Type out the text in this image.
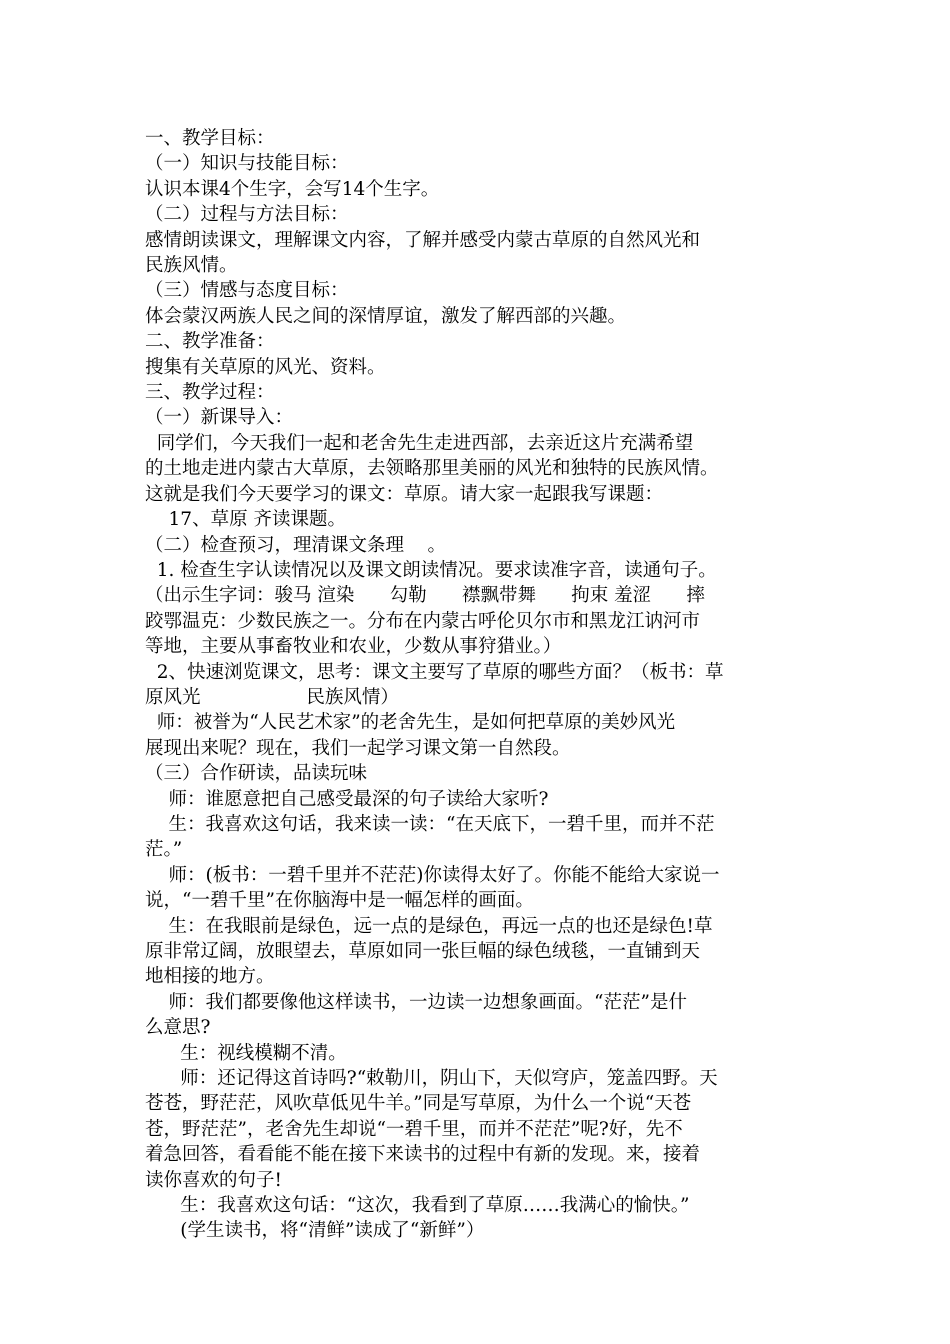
一、教学目标：

（一）知识与技能目标：

认识本课4个生字，会写14个生字。

（二）过程与方法目标：

感情朗读课文，理解课文内容，了解并感受内蒙古草原的自然风光和

民族风情。

（三）情感与态度目标：

体会蒙汉两族人民之间的深情厚谊，激发了解西部的兴趣。

二、教学准备：

搜集有关草原的风光、资料。

三、教学过程：

（一）新课导入：

同学们，今天我们一起和老舍先生走进西部，去亲近这片充满希望

的土地走进内蒙古大草原，去领略那里美丽的风光和独特的民族风情。

这就是我们今天要学习的课文：草原。请大家一起跟我写课题：

17、草原 齐读课题。

（二）检查预习，理清课文条理    。

1. 检查生字认读情况以及课文朗读情况。要求读准字音，读通句子。

（出示生字词：骏马 渲染      勾勒      襟飘带舞      拘束 羞涩      摔

跤鄂温克：少数民族之一。分布在内蒙古呼伦贝尔市和黑龙江讷河市

等地，主要从事畜牧业和农业，少数从事狩猎业。）

2、快速浏览课文，思考：课文主要写了草原的哪些方面？（板书：草

原风光                  民族风情）

师：被誉为“人民艺术家”的老舍先生，是如何把草原的美妙风光

展现出来呢？现在，我们一起学习课文第一自然段。

（三）合作研读，品读玩味

师：谁愿意把自己感受最深的句子读给大家听?

生：我喜欢这句话，我来读一读：“在天底下，一碧千里，而并不茫

茫。”

师：(板书：一碧千里并不茫茫)你读得太好了。你能不能给大家说一

说，“一碧千里”在你脑海中是一幅怎样的画面。

生：在我眼前是绿色，远一点的是绿色，再远一点的也还是绿色!草

原非常辽阔，放眼望去，草原如同一张巨幅的绿色绒毯，一直铺到天

地相接的地方。

师：我们都要像他这样读书，一边读一边想象画面。“茫茫”是什

么意思?

生：视线模糊不清。

师：还记得这首诗吗?“敕勒川，阴山下，天似穹庐，笼盖四野。天

苍苍，野茫茫，风吹草低见牛羊。”同是写草原，为什么一个说“天苍

苍，野茫茫”，老舍先生却说“一碧千里，而并不茫茫”呢?好，先不

着急回答，看看能不能在接下来读书的过程中有新的发现。来，接着

读你喜欢的句子!

生：我喜欢这句话：“这次，我看到了草原……我满心的愉快。”

(学生读书，将“清鲜”读成了“新鲜”）
